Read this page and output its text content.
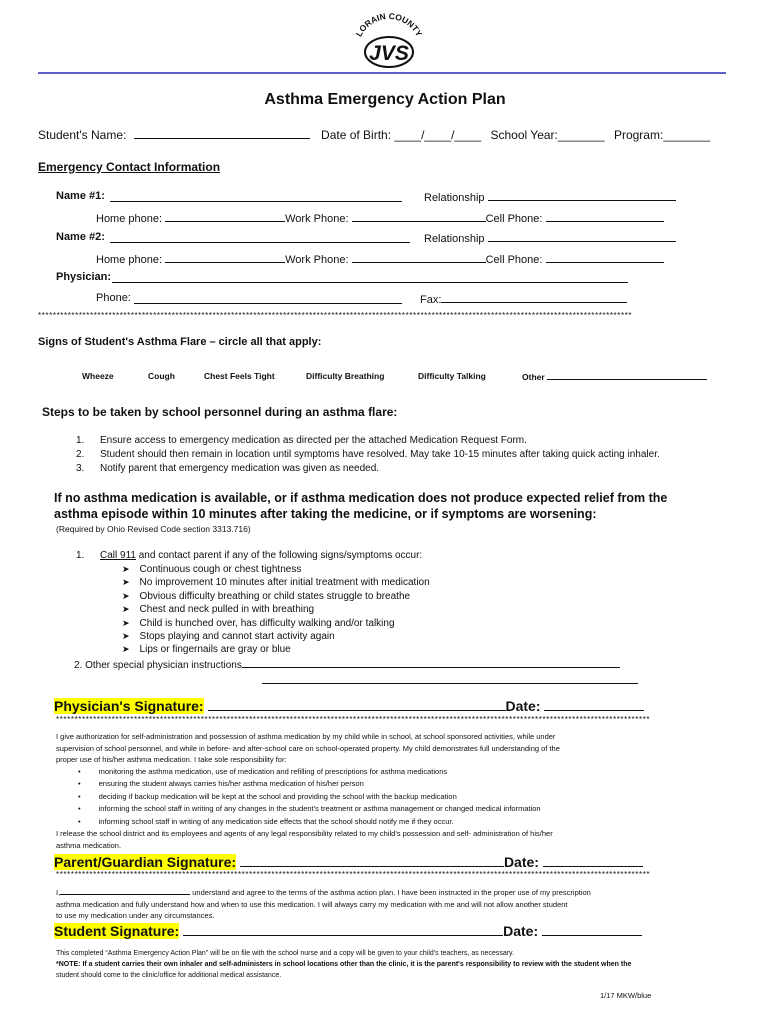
LORAIN COUNTY
JVS
Asthma Emergency Action Plan
Student's Name:	Date of Birth: ____/____/____ School Year:_______ Program:_______
Emergency Contact Information
Name #1:	Relationship
Home phone:	Work Phone:	Cell Phone:
Name #2:	Relationship
Home phone:	Work Phone:	Cell Phone:
Physician:
Phone:	Fax:
****************************************************************************************************************************************************************
Signs of Student's Asthma Flare – circle all that apply:
Wheeze	Cough	Chest Feels Tight	Difficulty Breathing	Difficulty Talking	Other
Steps to be taken by school personnel during an asthma flare:
1. Ensure access to emergency medication as directed per the attached Medication Request Form.
2. Student should then remain in location until symptoms have resolved. May take 10-15 minutes after taking quick acting inhaler.
3. Notify parent that emergency medication was given as needed.
If no asthma medication is available, or if asthma medication does not produce expected relief from the
asthma episode within 10 minutes after taking the medicine, or if symptoms are worsening:
(Required by Ohio Revised Code section 3313.716)
1. Call 911 and contact parent if any of the following signs/symptoms occur:
➤ Continuous cough or chest tightness
➤ No improvement 10 minutes after initial treatment with medication
➤ Obvious difficulty breathing or child states struggle to breathe
➤ Chest and neck pulled in with breathing
➤ Child is hunched over, has difficulty walking and/or talking
➤ Stops playing and cannot start activity again
➤ Lips or fingernails are gray or blue
2. Other special physician instructions
Physician's Signature:	Date:
****************************************************************************************************************************************************************
I give authorization for self-administration and possession of asthma medication by my child while in school, at school sponsored activities, while under
supervision of school personnel, and while in before- and after-school care on school-operated property. My child demonstrates full understanding of the
proper use of his/her asthma medication. I take sole responsibility for:
• monitoring the asthma medication, use of medication and refilling of prescriptions for asthma medications
• ensuring the student always carries his/her asthma medication of his/her person
• deciding if backup medication will be kept at the school and providing the school with the backup medication
• informing the school staff in writing of any changes in the student's treatment or asthma management or changed medical information
• informing school staff in writing of any medication side effects that the school should notify me if they occur.
I release the school district and its employees and agents of any legal responsibility related to my child's possession and self- administration of his/her
asthma medication.
Parent/Guardian Signature:	Date:
****************************************************************************************************************************************************************
I,	understand and agree to the terms of the asthma action plan. I have been instructed in the proper use of my prescription
asthma medication and fully understand how and when to use this medication. I will always carry my medication with me and will not allow another student
to use my medication under any circumstances.
Student Signature:	Date:
This completed “Asthma Emergency Action Plan” will be on file with the school nurse and a copy will be given to your child's teachers, as necessary.
*NOTE: If a student carries their own inhaler and self-administers in school locations other than the clinic, it is the parent's responsibility to review with the student when the
student should come to the clinic/office for additional medical assistance.
1/17 MKW/blue
